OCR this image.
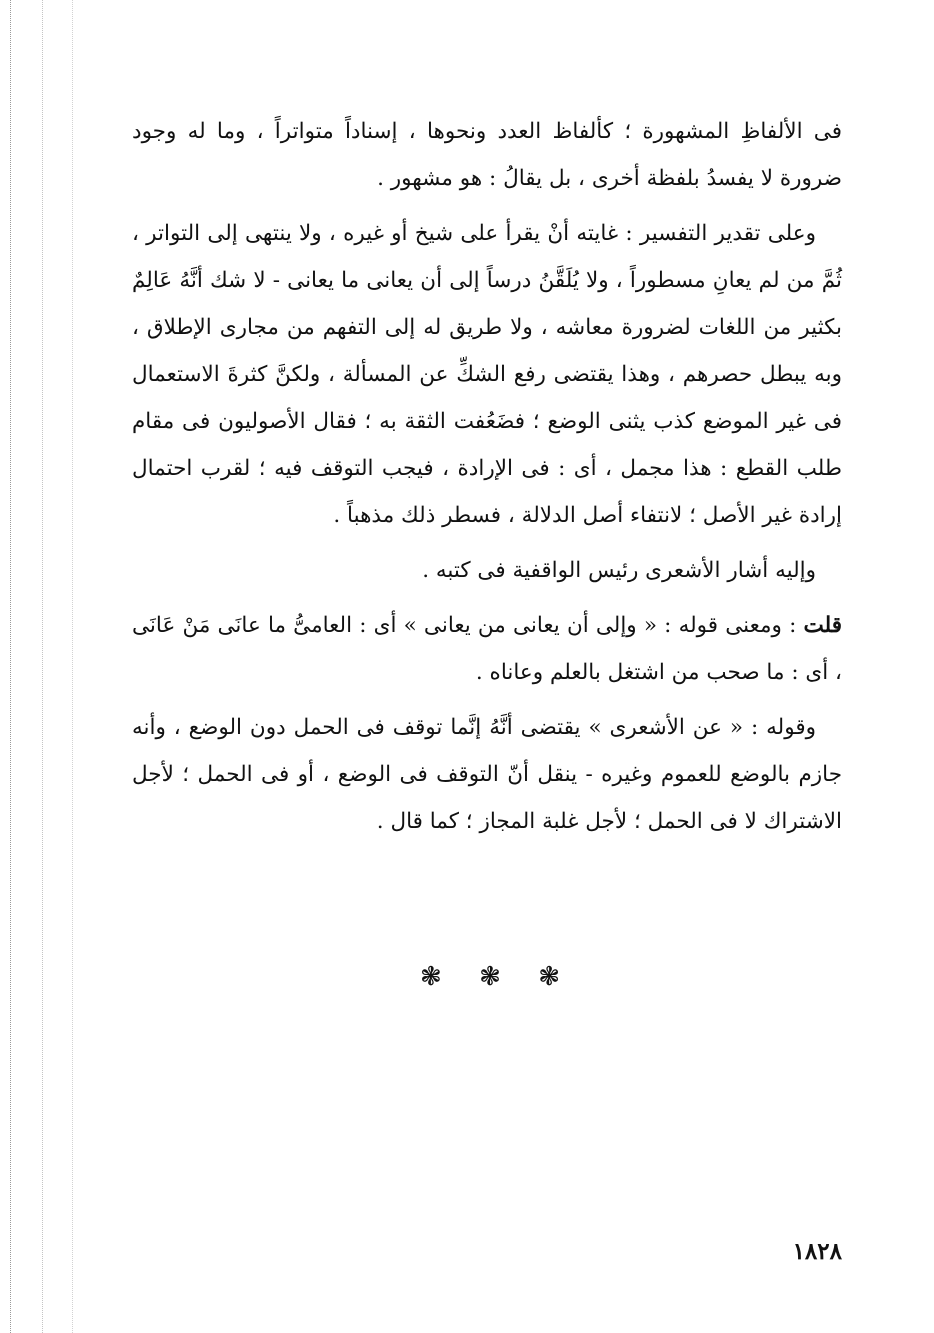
فى الألفاظِ المشهورة ؛ كألفاظ العدد ونحوها ، إسناداً متواتراً ، وما له وجود ضرورة لا يفسدُ بلفظة أخرى ، بل يقالُ : هو مشهور .

وعلى تقدير التفسير : غايته أنْ يقرأ على شيخ أو غيره ، ولا ينتهى إلى التواتر ، ثُمَّ من لم يعانِ مسطوراً ، ولا يُلَقَّنُ درساً إلى أن يعانى ما يعانى - لا شك أنَّهُ عَالِمٌ بكثير من اللغات لضرورة معاشه ، ولا طريق له إلى التفهم من مجارى الإطلاق ، وبه يبطل حصرهم ، وهذا يقتضى رفع الشكِّ عن المسألة ، ولكنَّ كثرةَ الاستعمال فى غير الموضع كذب يثنى الوضع ؛ فضَعُفت الثقة به ؛ فقال الأصوليون فى مقام طلب القطع : هذا مجمل ، أى : فى الإرادة ، فيجب التوقف فيه ؛ لقرب احتمال إرادة غير الأصل ؛ لانتفاء أصل الدلالة ، فسطر ذلك مذهباً .

وإليه أشار الأشعرى رئيس الواقفية فى كتبه .

قلت : ومعنى قوله : « وإلى أن يعانى من يعانى » أى : العامىُّ ما عانَى مَنْ عَانَى ، أى : ما صحب من اشتغل بالعلم وعاناه .

وقوله : « عن الأشعرى » يقتضى أنَّهُ إنَّما توقف فى الحمل دون الوضع ، وأنه جازم بالوضع للعموم وغيره - ينقل أنّ التوقف فى الوضع ، أو فى الحمل ؛ لأجل الاشتراك لا فى الحمل ؛ لأجل غلبة المجاز ؛ كما قال .

❃ ❃ ❃
١٨٢٨
